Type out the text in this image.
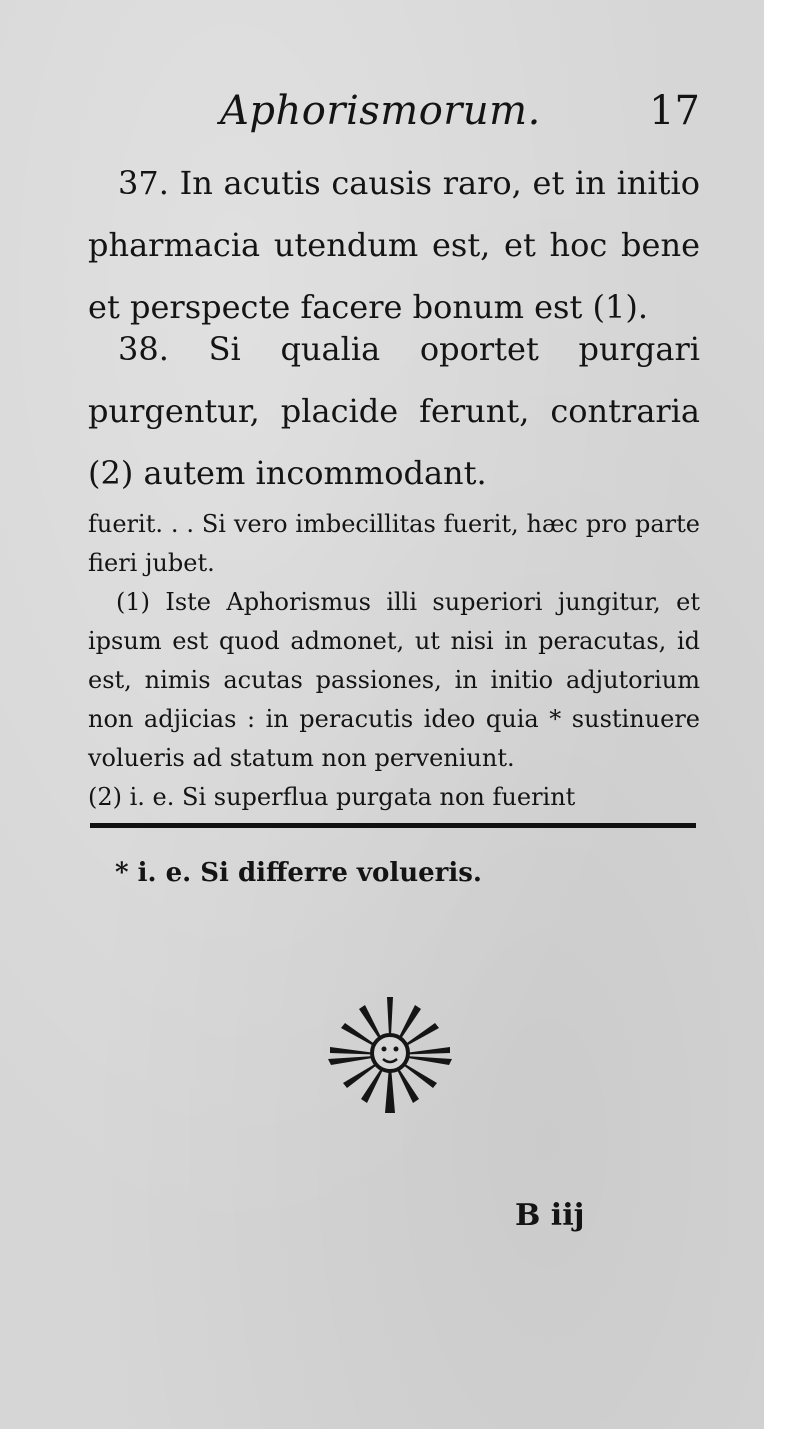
Aphorismorum.	17

37. In acutis causis raro, et in initio pharmacia utendum est, et hoc bene et perspecte facere bonum est (1).

38. Si qualia oportet purgari purgentur, placide ferunt, contraria (2) autem incommodant.

fuerit. . . Si vero imbecillitas fuerit, hæc pro parte fieri jubet.

(1) Iste Aphorismus illi superiori jungitur, et ipsum est quod admonet, ut nisi in peracutas, id est, nimis acutas passiones, in initio adjutorium non adjicias : in peracutis ideo quia * sustinuere volueris ad statum non perveniunt.

(2) i. e. Si superflua purgata non fuerint

* i. e. Si differre volueris.
B iij
